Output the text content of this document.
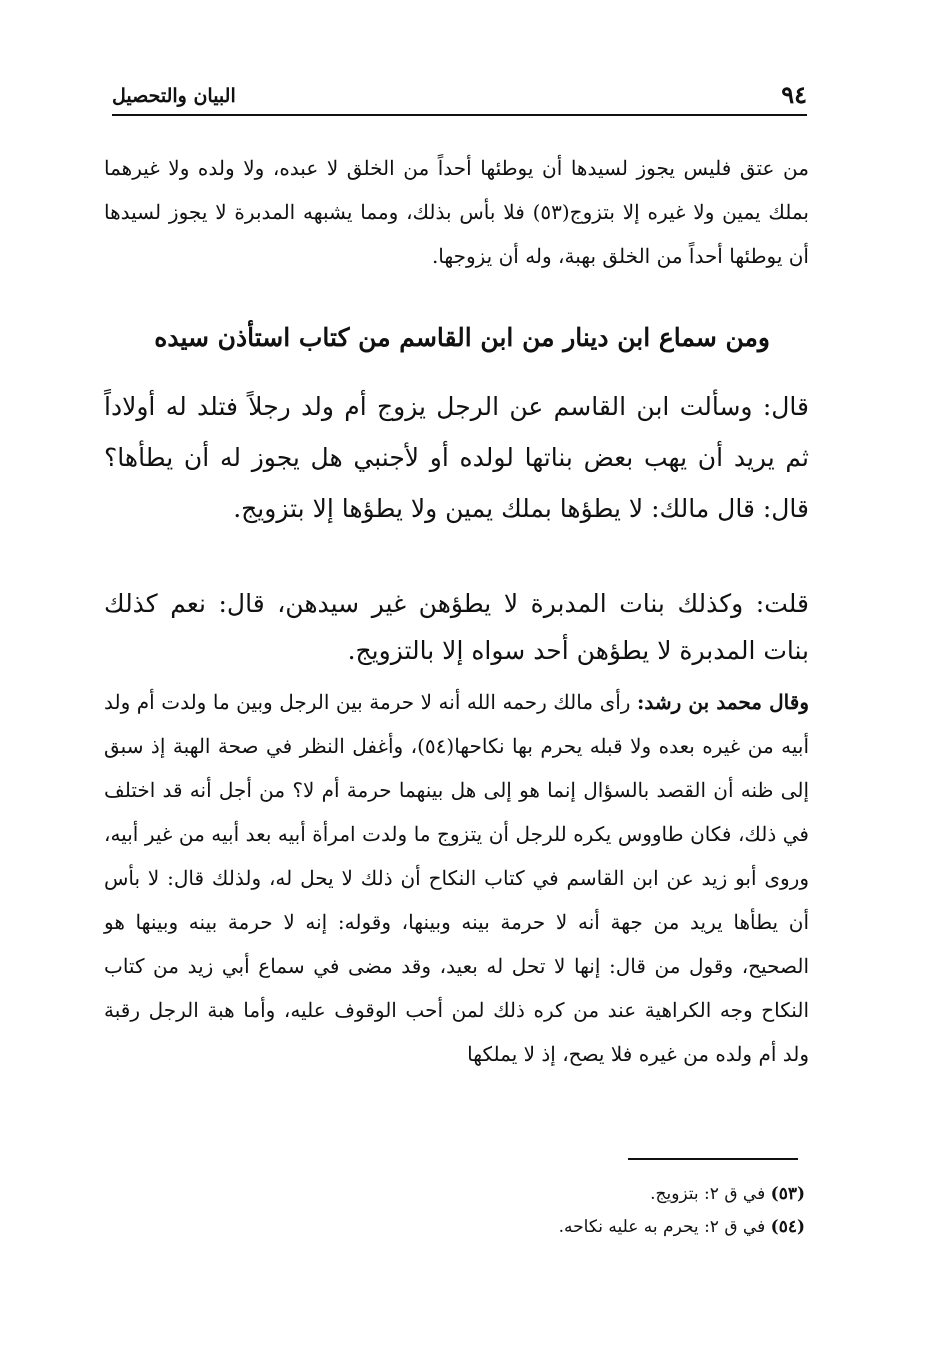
٩٤
البيان والتحصيل

من عتق فليس يجوز لسيدها أن يوطئها أحداً من الخلق لا عبده، ولا ولده ولا غيرهما بملك يمين ولا غيره إلا بتزوج(٥٣) فلا بأس بذلك، ومما يشبهه المدبرة لا يجوز لسيدها أن يوطئها أحداً من الخلق بهبة، وله أن يزوجها.

ومن سماع ابن دينار من ابن القاسم من كتاب استأذن سيده

قال: وسألت ابن القاسم عن الرجل يزوج أم ولد رجلاً فتلد له أولاداً ثم يريد أن يهب بعض بناتها لولده أو لأجنبي هل يجوز له أن يطأها؟ قال: قال مالك: لا يطؤها بملك يمين ولا يطؤها إلا بتزويج.

قلت: وكذلك بنات المدبرة لا يطؤهن غير سيدهن، قال: نعم كذلك بنات المدبرة لا يطؤهن أحد سواه إلا بالتزويج.

وقال محمد بن رشد: رأى مالك رحمه الله أنه لا حرمة بين الرجل وبين ما ولدت أم ولد أبيه من غيره بعده ولا قبله يحرم بها نكاحها(٥٤)، وأغفل النظر في صحة الهبة إذ سبق إلى ظنه أن القصد بالسؤال إنما هو إلى هل بينهما حرمة أم لا؟ من أجل أنه قد اختلف في ذلك، فكان طاووس يكره للرجل أن يتزوج ما ولدت امرأة أبيه بعد أبيه من غير أبيه، وروى أبو زيد عن ابن القاسم في كتاب النكاح أن ذلك لا يحل له، ولذلك قال: لا بأس أن يطأها يريد من جهة أنه لا حرمة بينه وبينها، وقوله: إنه لا حرمة بينه وبينها هو الصحيح، وقول من قال: إنها لا تحل له بعيد، وقد مضى في سماع أبي زيد من كتاب النكاح وجه الكراهية عند من كره ذلك لمن أحب الوقوف عليه، وأما هبة الرجل رقبة ولد أم ولده من غيره فلا يصح، إذ لا يملكها

(٥٣) في ق ٢: بتزويج.
(٥٤) في ق ٢: يحرم به عليه نكاحه.
